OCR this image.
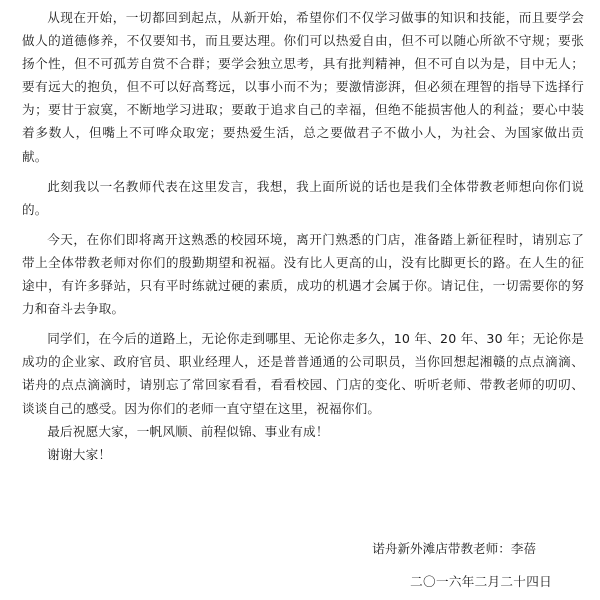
从现在开始，一切都回到起点，从新开始，希望你们不仅学习做事的知识和技能，而且要学会做人的道德修养，不仅要知书，而且要达理。你们可以热爱自由，但不可以随心所欲不守规；要张扬个性，但不可孤芳自赏不合群；要学会独立思考，具有批判精神，但不可自以为是，目中无人；要有远大的抱负，但不可以好高骛远，以事小而不为；要激情澎湃，但必须在理智的指导下选择行为；要甘于寂寞，不断地学习进取；要敢于追求自己的幸福，但绝不能损害他人的利益；要心中装着多数人，但嘴上不可哗众取宠；要热爱生活，总之要做君子不做小人，为社会、为国家做出贡献。

此刻我以一名教师代表在这里发言，我想，我上面所说的话也是我们全体带教老师想向你们说的。

今天，在你们即将离开这熟悉的校园环境，离开门熟悉的门店，准备踏上新征程时，请别忘了带上全体带教老师对你们的殷勤期望和祝福。没有比人更高的山，没有比脚更长的路。在人生的征途中，有许多驿站，只有平时练就过硬的素质，成功的机遇才会属于你。请记住，一切需要你的努力和奋斗去争取。

同学们，在今后的道路上，无论你走到哪里、无论你走多久，10 年、20 年、30 年；无论你是成功的企业家、政府官员、职业经理人，还是普普通通的公司职员，当你回想起湘赣的点点滴滴、诺舟的点点滴滴时，请别忘了常回家看看，看看校园、门店的变化、听听老师、带教老师的叨叨、谈谈自己的感受。因为你们的老师一直守望在这里，祝福你们。

最后祝愿大家，一帆风顺、前程似锦、事业有成！

谢谢大家！

诺舟新外滩店带教老师：李蓓
二〇一六年二月二十四日
